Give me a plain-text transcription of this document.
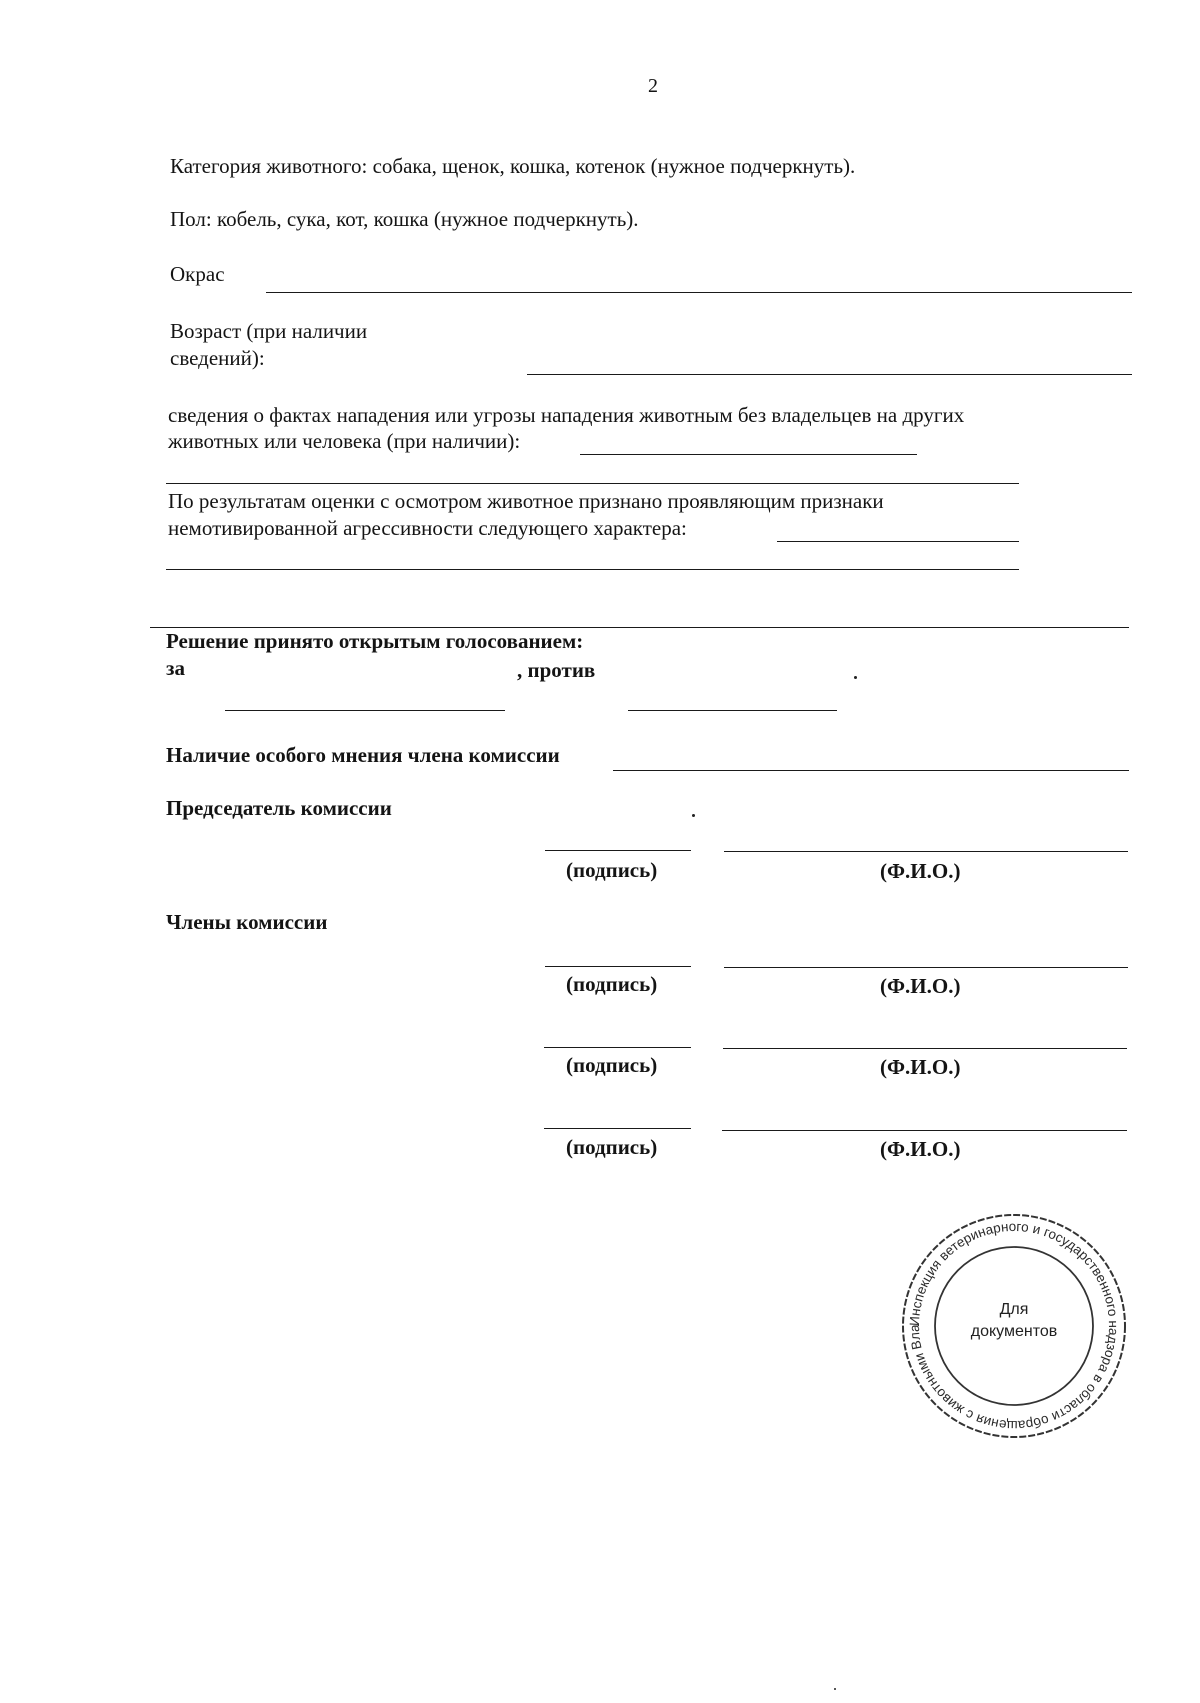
2
Категория животного: собака, щенок, кошка, котенок (нужное подчеркнуть).
Пол: кобель, сука, кот, кошка (нужное подчеркнуть).
Окрас
Возраст (при наличии
сведений):
сведения о фактах нападения или угрозы нападения животным без владельцев на других
животных или человека (при наличии):
По результатам оценки с осмотром животное признано проявляющим признаки
немотивированной агрессивности следующего характера:
Решение принято открытым голосованием:
за	, против
Наличие особого мнения члена комиссии
Председатель комиссии
(подпись)	(Ф.И.О.)
Члены комиссии
(подпись)	(Ф.И.О.)
(подпись)	(Ф.И.О.)
(подпись)	(Ф.И.О.)
Инспекция ветеринарного и государственного надзора в области обращения с животными Вла
Для
документов
